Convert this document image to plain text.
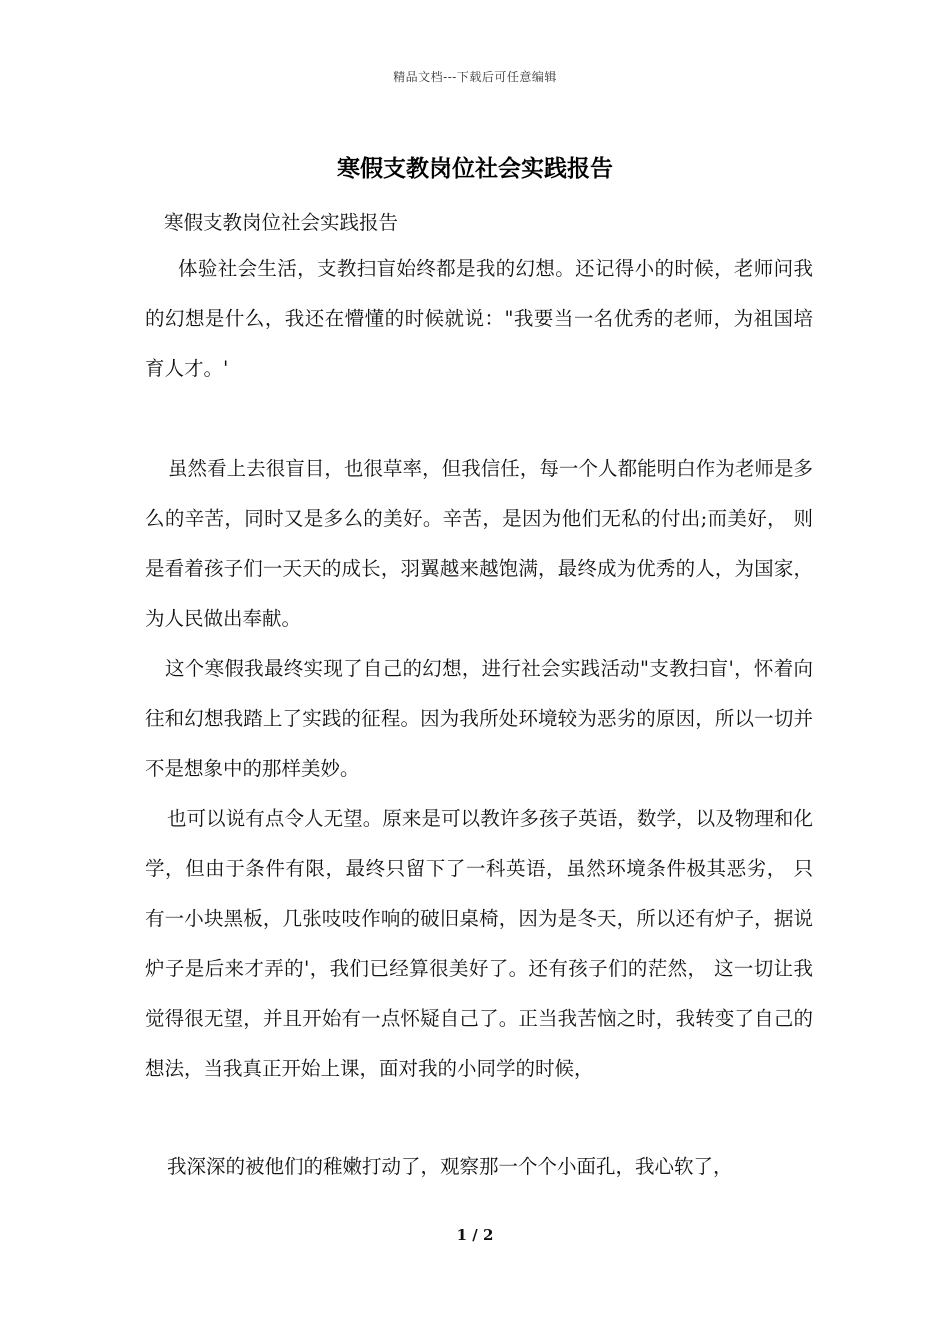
精品文档---下载后可任意编辑
寒假支教岗位社会实践报告
寒假支教岗位社会实践报告
体验社会生活，支教扫盲始终都是我的幻想。还记得小的时候，老师问我的幻想是什么，我还在懵懂的时候就说："我要当一名优秀的老师，为祖国培育人才。'
虽然看上去很盲目，也很草率，但我信任，每一个人都能明白作为老师是多么的辛苦，同时又是多么的美好。辛苦，是因为他们无私的付出;而美好， 则是看着孩子们一天天的成长，羽翼越来越饱满，最终成为优秀的人，为国家，为人民做出奉献。
这个寒假我最终实现了自己的幻想，进行社会实践活动"支教扫盲'，怀着向往和幻想我踏上了实践的征程。因为我所处环境较为恶劣的原因，所以一切并不是想象中的那样美妙。
也可以说有点令人无望。原来是可以教许多孩子英语，数学，以及物理和化学，但由于条件有限，最终只留下了一科英语，虽然环境条件极其恶劣， 只有一小块黑板，几张吱吱作响的破旧桌椅，因为是冬天，所以还有炉子，据说炉子是后来才弄的'，我们已经算很美好了。还有孩子们的茫然， 这一切让我觉得很无望，并且开始有一点怀疑自己了。正当我苦恼之时，我转变了自己的想法，当我真正开始上课，面对我的小同学的时候，
我深深的被他们的稚嫩打动了，观察那一个个小面孔，我心软了，
1 / 2
